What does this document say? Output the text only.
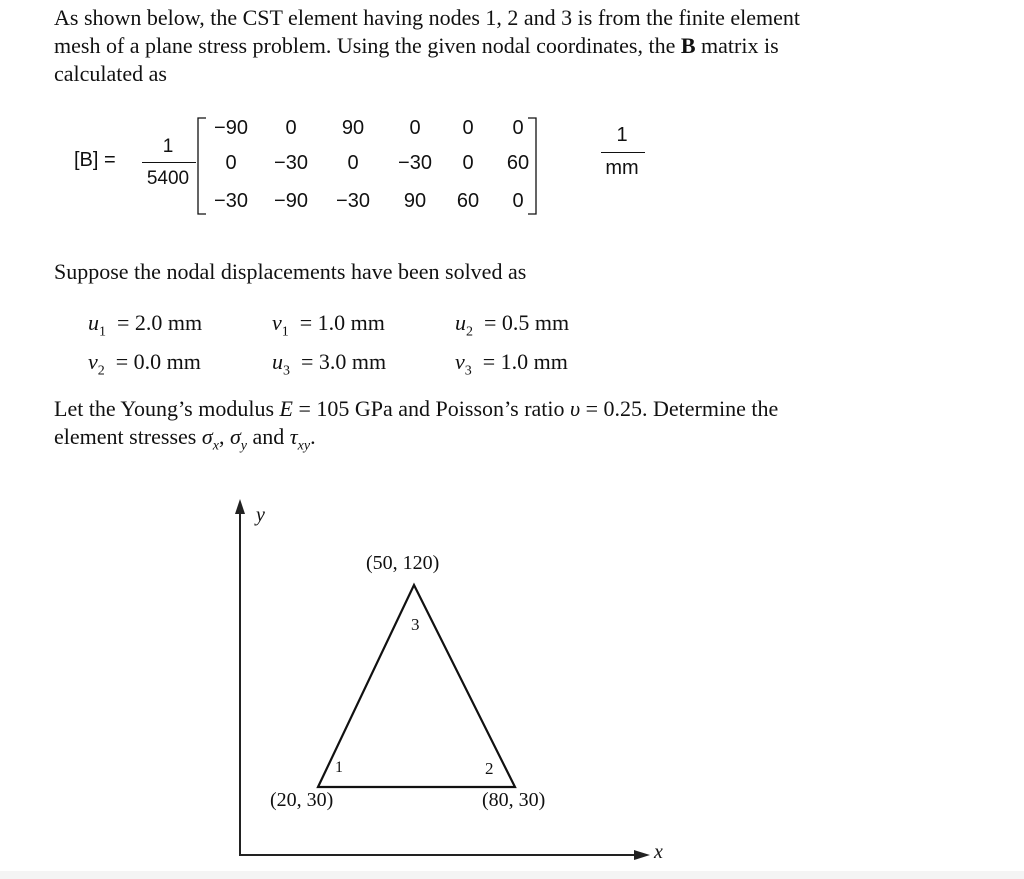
As shown below, the CST element having nodes 1, 2 and 3 is from the finite element
mesh of a plane stress problem. Using the given nodal coordinates, the B matrix is
calculated as
[B] =
1
5400
−90	0	90	0	0	0
0	−30	0	−30	0	60
−30	−90	−30	90	60	0
1
mm
Suppose the nodal displacements have been solved as
$u_1 = 2.0$ mm	$v_1 = 1.0$ mm	$u_2 = 0.5$ mm
$v_2 = 0.0$ mm	$u_3 = 3.0$ mm	$v_3 = 1.0$ mm
Let the Young’s modulus E = 105 GPa and Poisson’s ratio υ = 0.25. Determine the
element stresses $\sigma_x$, $\sigma_y$ and $\tau_{xy}$.
y
x
(50, 120)
(20, 30)	(80, 30)
1	2
3
